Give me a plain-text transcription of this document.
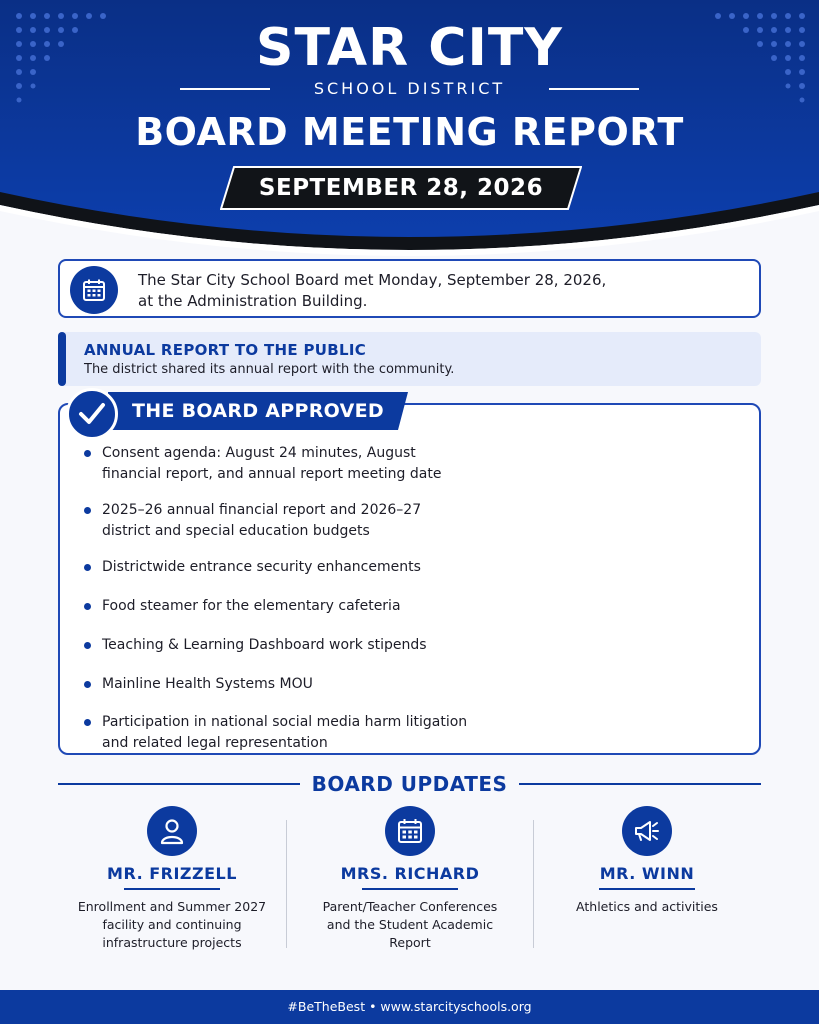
STAR CITY
SCHOOL DISTRICT
BOARD MEETING REPORT
SEPTEMBER 28, 2026
The Star City School Board met Monday, September 28, 2026,
at the Administration Building.
ANNUAL REPORT TO THE PUBLIC
The district shared its annual report with the community.
THE BOARD APPROVED
Consent agenda: August 24 minutes, August
financial report, and annual report meeting date
2025–26 annual financial report and 2026–27
district and special education budgets
Districtwide entrance security enhancements
Food steamer for the elementary cafeteria
Teaching & Learning Dashboard work stipends
Mainline Health Systems MOU
Participation in national social media harm litigation
and related legal representation
BOARD UPDATES
MR. FRIZZELL
Enrollment and Summer 2027
facility and continuing
infrastructure projects
MRS. RICHARD
Parent/Teacher Conferences
and the Student Academic
Report
MR. WINN
Athletics and activities
#BeTheBest • www.starcityschools.org
